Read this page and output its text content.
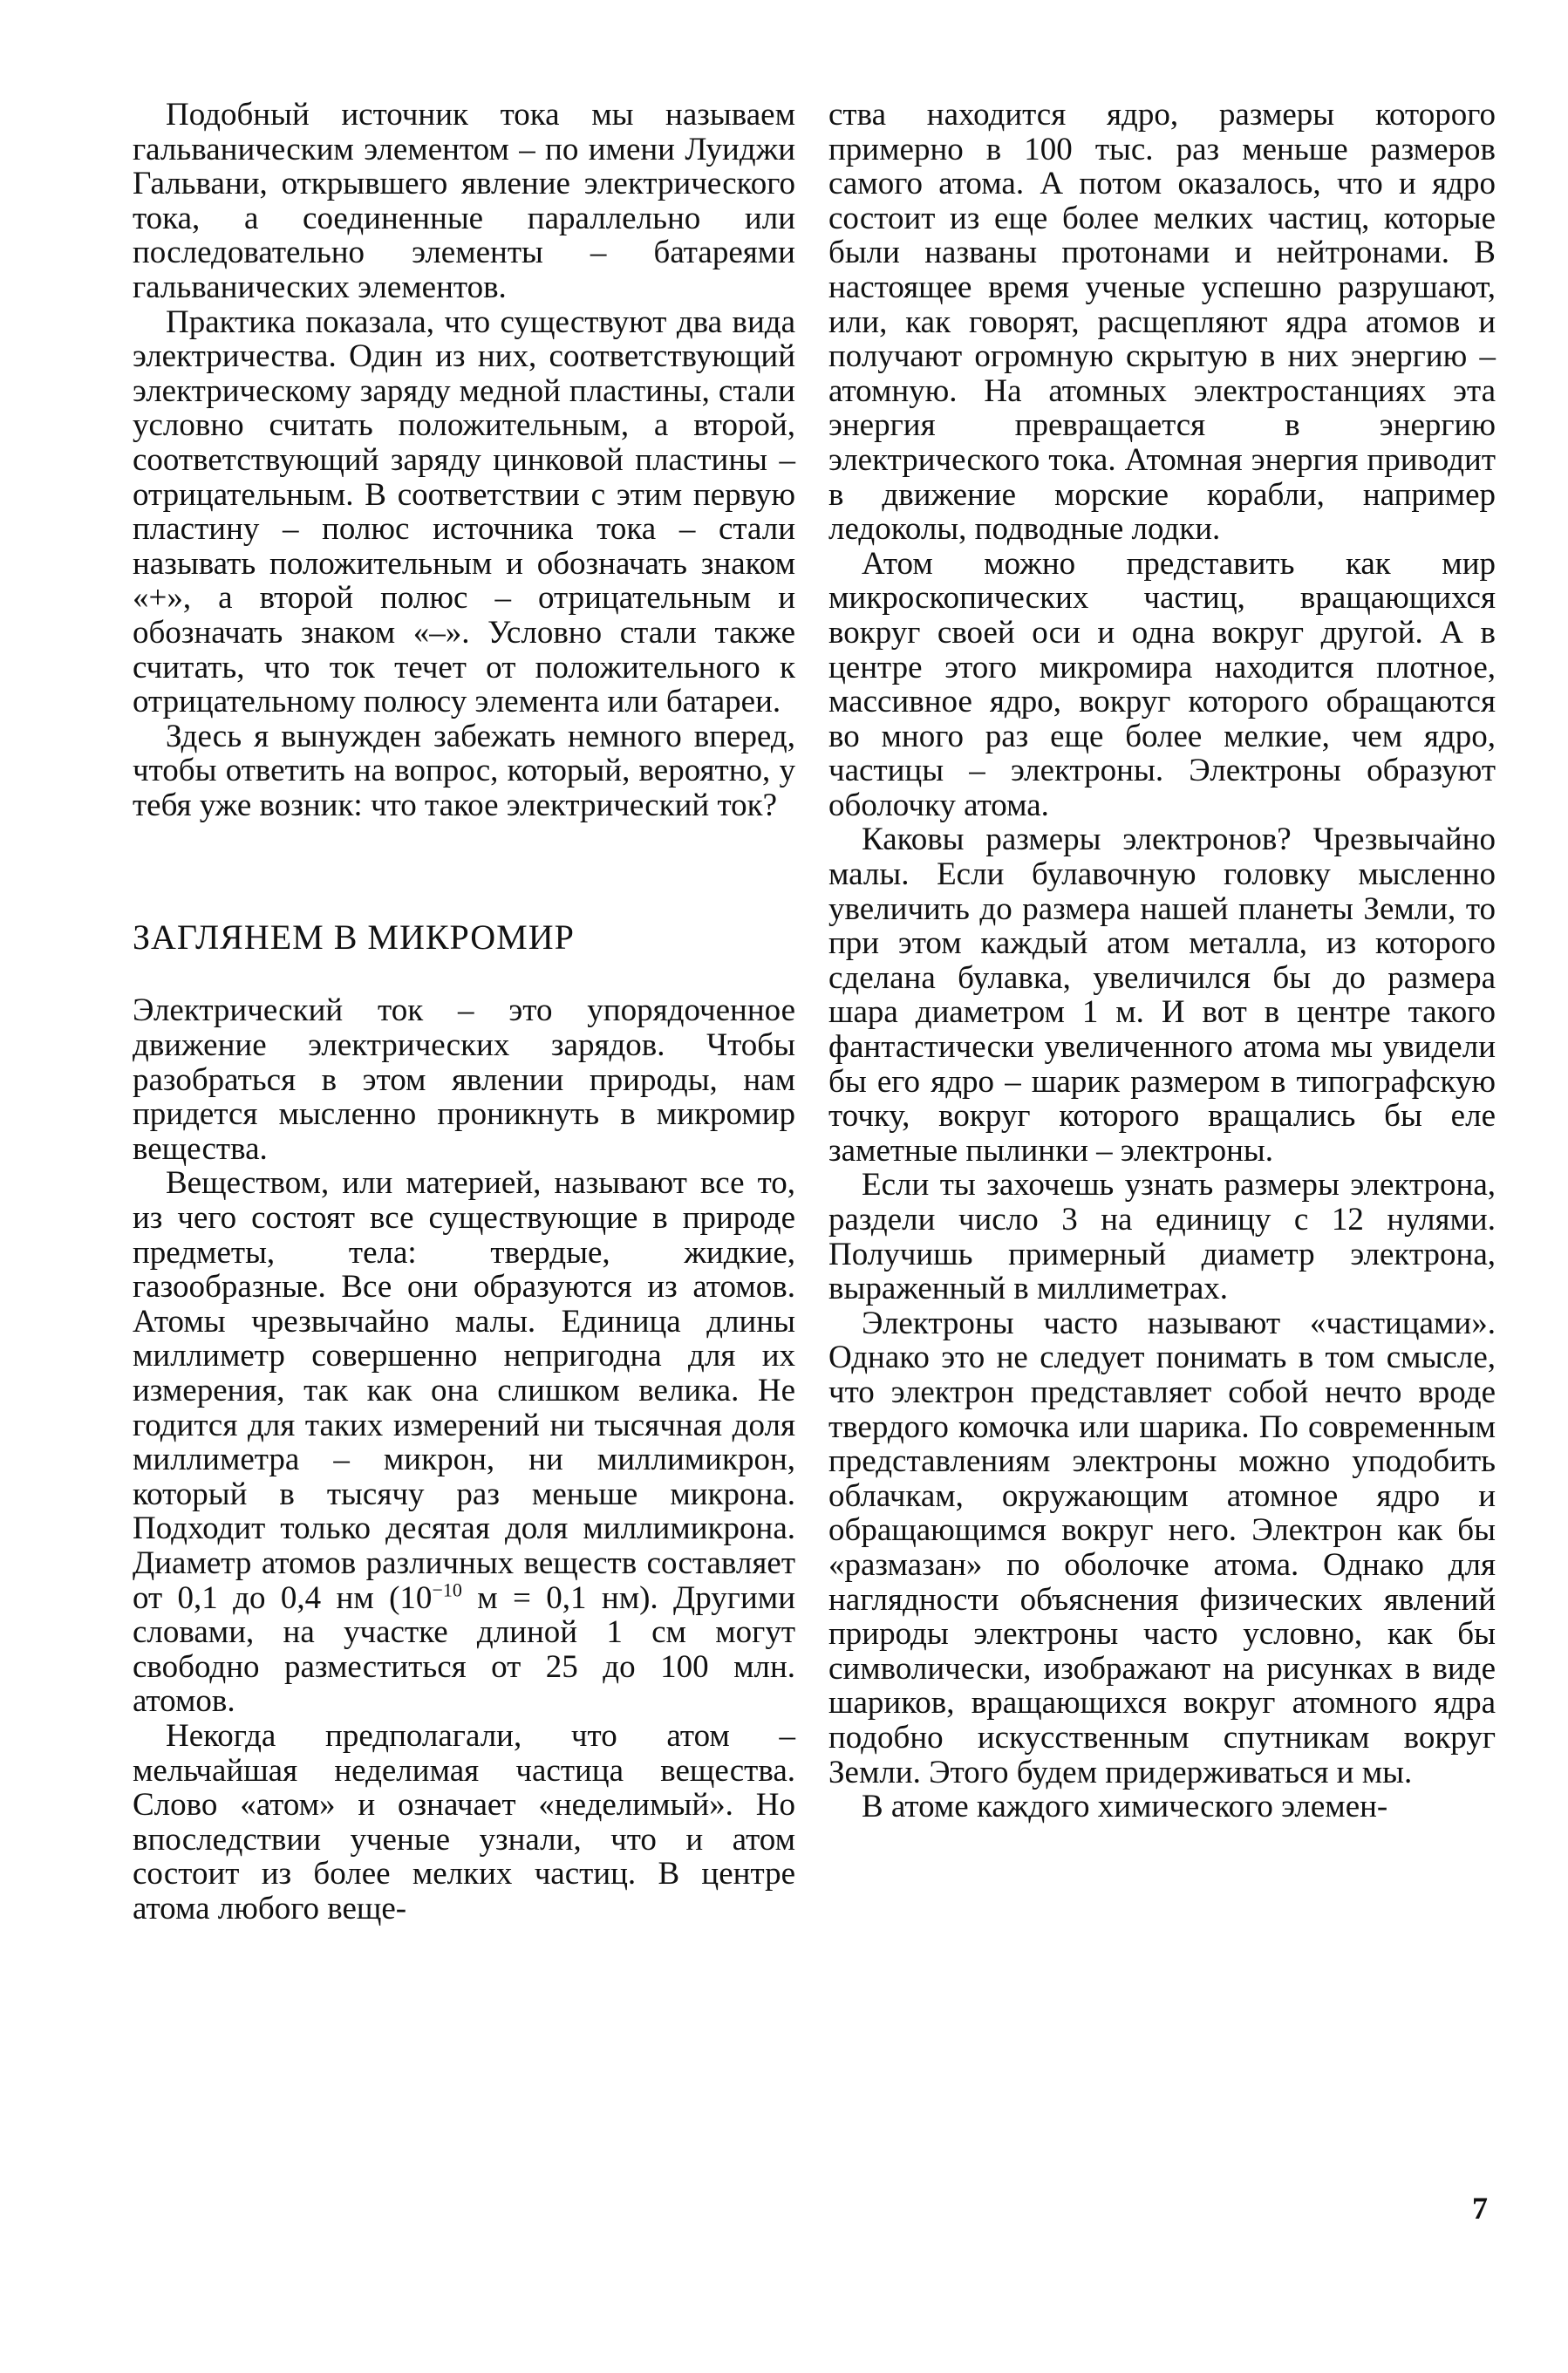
Подобный источник тока мы называем гальваническим элементом – по имени Луиджи Гальвани, открывшего явление электрического тока, а соединенные параллельно или последовательно элементы – батареями гальванических элементов.

Практика показала, что существуют два вида электричества. Один из них, соответствующий электрическому заряду медной пластины, стали условно считать положительным, а второй, соответствующий заряду цинковой пластины – отрицательным. В соответствии с этим первую пластину – полюс источника тока – стали называть положительным и обозначать знаком «+», а второй полюс – отрицательным и обозначать знаком «–». Условно стали также считать, что ток течет от положительного к отрицательному полюсу элемента или батареи.

Здесь я вынужден забежать немного вперед, чтобы ответить на вопрос, который, вероятно, у тебя уже возник: что такое электрический ток?

ЗАГЛЯНЕМ В МИКРОМИР

Электрический ток – это упорядоченное движение электрических зарядов. Чтобы разобраться в этом явлении природы, нам придется мысленно проникнуть в микромир вещества.

Веществом, или материей, называют все то, из чего состоят все существующие в природе предметы, тела: твердые, жидкие, газообразные. Все они образуются из атомов. Атомы чрезвычайно малы. Единица длины миллиметр совершенно непригодна для их измерения, так как она слишком велика. Не годится для таких измерений ни тысячная доля миллиметра – микрон, ни миллимикрон, который в тысячу раз меньше микрона. Подходит только десятая доля миллимикрона. Диаметр атомов различных веществ составляет от 0,1 до 0,4 нм ($10^{-10}$ м = 0,1 нм). Другими словами, на участке длиной 1 см могут свободно разместиться от 25 до 100 млн. атомов.

Некогда предполагали, что атом – мельчайшая неделимая частица вещества. Слово «атом» и означает «неделимый». Но впоследствии ученые узнали, что и атом состоит из более мелких частиц. В центре атома любого веще-

ства находится ядро, размеры которого примерно в 100 тыс. раз меньше размеров самого атома. А потом оказалось, что и ядро состоит из еще более мелких частиц, которые были названы протонами и нейтронами. В настоящее время ученые успешно разрушают, или, как говорят, расщепляют ядра атомов и получают огромную скрытую в них энергию – атомную. На атомных электростанциях эта энергия превращается в энергию электрического тока. Атомная энергия приводит в движение морские корабли, например ледоколы, подводные лодки.

Атом можно представить как мир микроскопических частиц, вращающихся вокруг своей оси и одна вокруг другой. А в центре этого микромира находится плотное, массивное ядро, вокруг которого обращаются во много раз еще более мелкие, чем ядро, частицы – электроны. Электроны образуют оболочку атома.

Каковы размеры электронов? Чрезвычайно малы. Если булавочную головку мысленно увеличить до размера нашей планеты Земли, то при этом каждый атом металла, из которого сделана булавка, увеличился бы до размера шара диаметром 1 м. И вот в центре такого фантастически увеличенного атома мы увидели бы его ядро – шарик размером в типографскую точку, вокруг которого вращались бы еле заметные пылинки – электроны.

Если ты захочешь узнать размеры электрона, раздели число 3 на единицу с 12 нулями. Получишь примерный диаметр электрона, выраженный в миллиметрах.

Электроны часто называют «частицами». Однако это не следует понимать в том смысле, что электрон представляет собой нечто вроде твердого комочка или шарика. По современным представлениям электроны можно уподобить облачкам, окружающим атомное ядро и обращающимся вокруг него. Электрон как бы «размазан» по оболочке атома. Однако для наглядности объяснения физических явлений природы электроны часто условно, как бы символически, изображают на рисунках в виде шариков, вращающихся вокруг атомного ядра подобно искусственным спутникам вокруг Земли. Этого будем придерживаться и мы.

В атоме каждого химического элемен-

7
